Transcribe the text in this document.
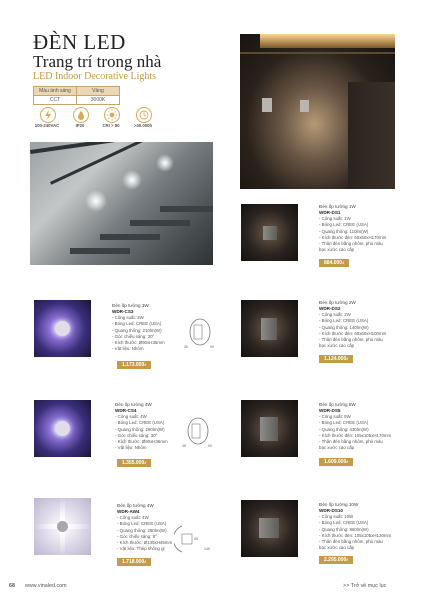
ĐÈN LED
Trang trí trong nhà
LED Indoor Decorative Lights
Màu ánh sáng	Vàng
CCT	3000K
100-240VAC	IP20	CRI > 80	>30.000h
Đèn ốp tường 1W
WDR-DS1
- Công suất: 1W
- Bóng Led: CREE (USA)
- Quang thông: 110lm(W)
- Kích thước đèn: 60x60xH170mm
- Thân đèn bằng nhôm, phủ màu
bạc xước cao cấp
884.000đ
Đèn ốp tường 3W
WDR-CS3
- Công suất: 3W
- Bóng Led: CREE (USA)
- Quang thông: 210lm(W)
- Góc chiếu sáng: 30°
- Kích thước: Ø90xH36mm
- Vật liệu: Nhôm
1.173.000đ
36	90
Đèn ốp tường 2W
WDR-DS2
- Công suất: 2W
- Bóng Led: CREE (USA)
- Quang thông: 140lm(W)
- Kích thước đèn: 60x60xH100mm
- Thân đèn bằng nhôm, phủ màu
bạc xước cao cấp
1.124.000đ
Đèn ốp tường 4W
WDR-CS4
- Công suất: 4W
- Bóng Led: CREE (USA)
- Quang thông: 280lm(W)
- Góc chiếu sáng: 30°
- Kích thước: Ø90xH36mm
- Vật liệu: Nhôm
1.355.000đ
36	90
Đèn ốp tường 5W
WDR-DS5
- Công suất: 5W
- Bóng Led: CREE (USA)
- Quang thông: 430lm(W)
- Kích thước đèn: 105x105xH170mm
- Thân đèn bằng nhôm, phủ màu
bạc xước cao cấp
1.609.000đ
Đèn ốp tường 4W
WDR-AW4
- Công suất: 4W
- Bóng Led: CREE (USA)
- Quang thông: 280lm(W)
- Góc chiếu sáng: 8°
- Kích thước: Ø145xH45mm
- Vật liệu: Thép không gỉ
1.718.000đ
45
145
Đèn ốp tường 10W
WDR-DS10
- Công suất: 10W
- Bóng Led: CREE (USA)
- Quang thông: 860lm(W)
- Kích thước đèn: 105x105xH130mm
- Thân đèn bằng nhôm, phủ màu
bạc xước cao cấp
2.295.000đ
68 www.vinaled.com	>> Trở về mục lục
